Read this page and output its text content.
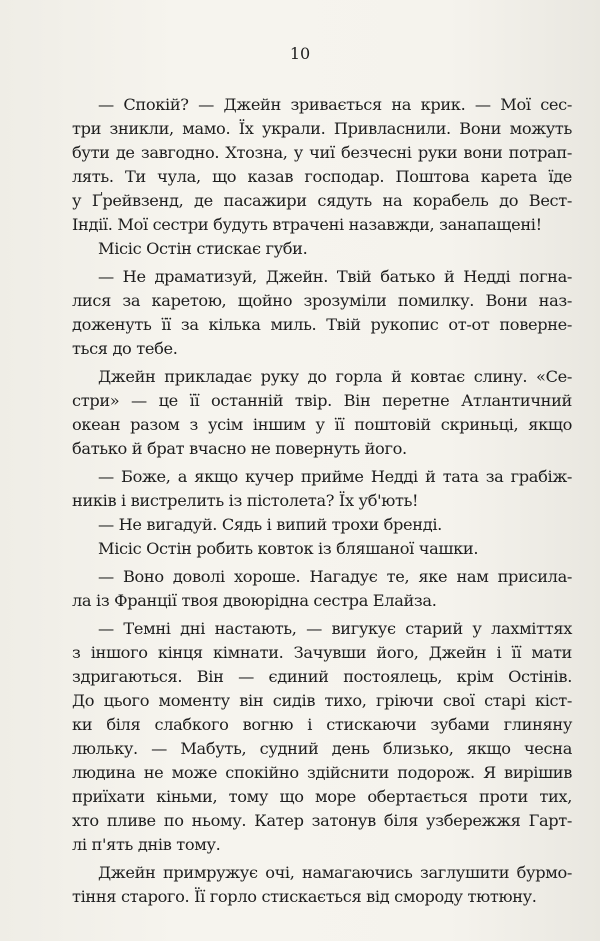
10
— Спокій? — Джейн зривається на крик. — Мої сес-
три зникли, мамо. Їх украли. Привласнили. Вони можуть
бути де завгодно. Хтозна, у чиї безчесні руки вони потрап-
лять. Ти чула, що казав господар. Поштова карета їде
у Ґрейвзенд, де пасажири сядуть на корабель до Вест-
Індії. Мої сестри будуть втрачені назавжди, занапащені!
Місіс Остін стискає губи.
— Не драматизуй, Джейн. Твій батько й Недді погна-
лися за каретою, щойно зрозуміли помилку. Вони наз-
доженуть її за кілька миль. Твій рукопис от-от поверне-
ться до тебе.
Джейн прикладає руку до горла й ковтає слину. «Се-
стри» — це її останній твір. Він перетне Атлантичний
океан разом з усім іншим у її поштовій скриньці, якщо
батько й брат вчасно не повернуть його.
— Боже, а якщо кучер прийме Недді й тата за грабіж-
ників і вистрелить із пістолета? Їх уб'ють!
— Не вигадуй. Сядь і випий трохи бренді.
Місіс Остін робить ковток із бляшаної чашки.
— Воно доволі хороше. Нагадує те, яке нам присила-
ла із Франції твоя двоюрідна сестра Елайза.
— Темні дні настають, — вигукує старий у лахміттях
з іншого кінця кімнати. Зачувши його, Джейн і її мати
здригаються. Він — єдиний постоялець, крім Остінів.
До цього моменту він сидів тихо, гріючи свої старі кіст-
ки біля слабкого вогню і стискаючи зубами глиняну
люльку. — Мабуть, судний день близько, якщо чесна
людина не може спокійно здійснити подорож. Я вирішив
приїхати кіньми, тому що море обертається проти тих,
хто пливе по ньому. Катер затонув біля узбережжя Гарт-
лі п'ять днів тому.
Джейн примружує очі, намагаючись заглушити бурмо-
тіння старого. Її горло стискається від смороду тютюну.
